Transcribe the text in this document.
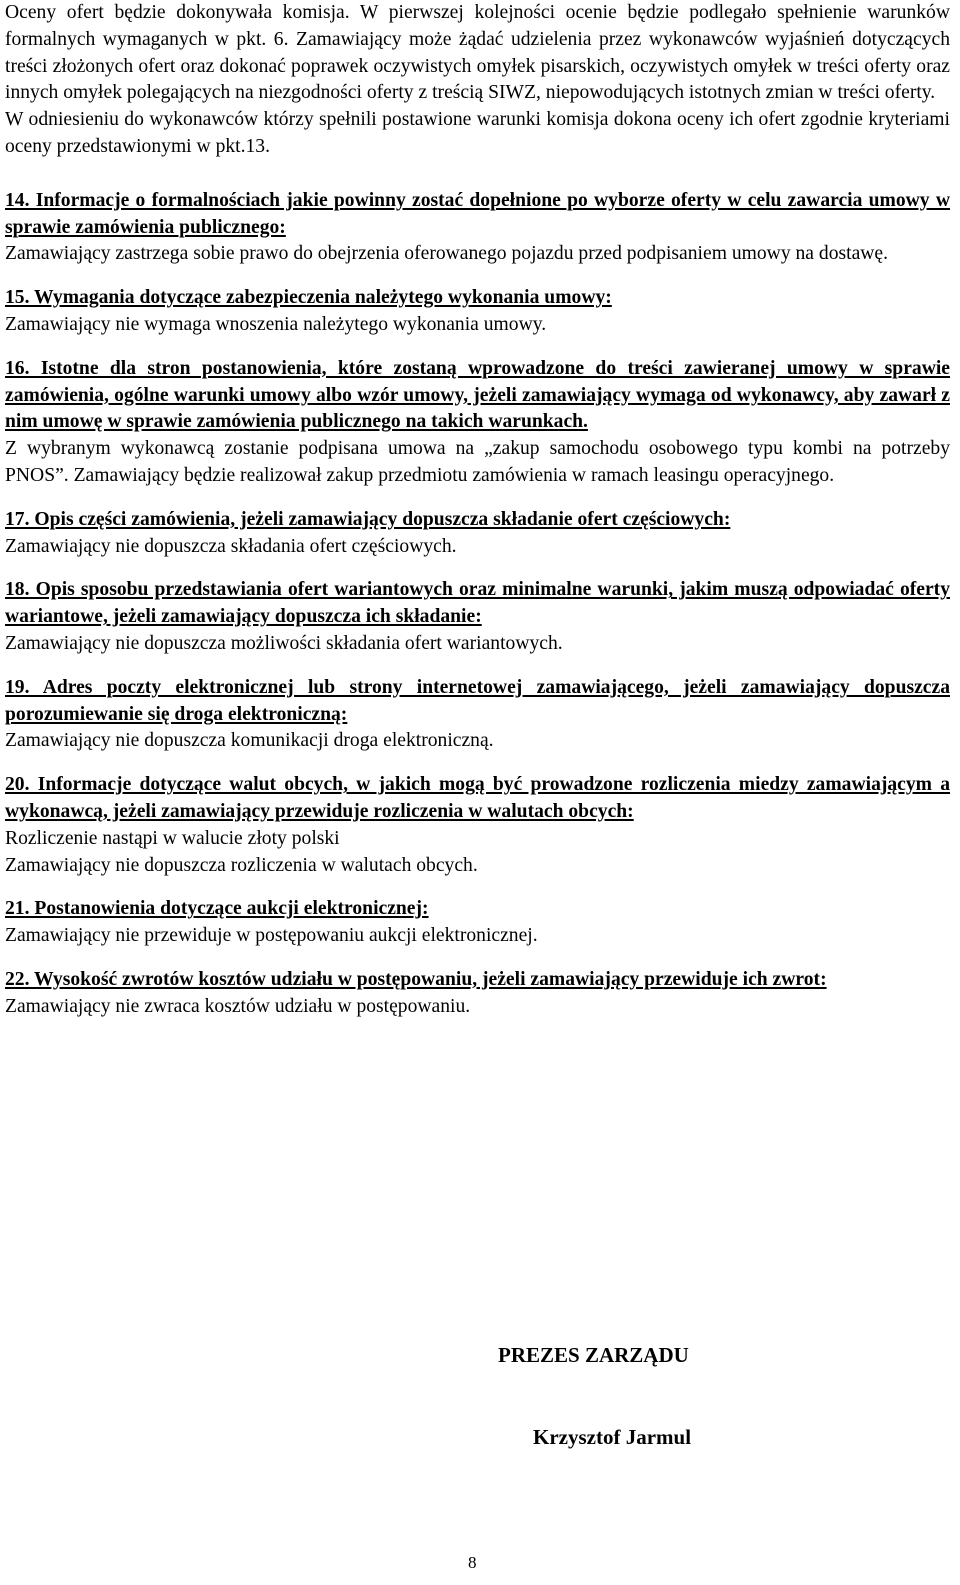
Oceny ofert będzie dokonywała komisja. W pierwszej kolejności ocenie będzie podlegało spełnienie warunków formalnych wymaganych w pkt. 6. Zamawiający może żądać udzielenia przez wykonawców wyjaśnień dotyczących treści złożonych ofert oraz dokonać poprawek oczywistych omyłek pisarskich, oczywistych omyłek w treści oferty oraz innych omyłek polegających na niezgodności oferty z treścią SIWZ, niepowodujących istotnych zmian w treści oferty.

W odniesieniu do wykonawców którzy spełnili postawione warunki komisja dokona oceny ich ofert zgodnie kryteriami oceny przedstawionymi w pkt.13.

14. Informacje o formalnościach jakie powinny zostać dopełnione po wyborze oferty w celu zawarcia umowy w sprawie zamówienia publicznego:

Zamawiający zastrzega sobie prawo do obejrzenia oferowanego pojazdu przed podpisaniem umowy na dostawę.

15. Wymagania dotyczące zabezpieczenia należytego wykonania umowy:

Zamawiający nie wymaga wnoszenia należytego wykonania umowy.

16. Istotne dla stron postanowienia, które zostaną wprowadzone do treści zawieranej umowy w sprawie zamówienia, ogólne warunki umowy albo wzór umowy, jeżeli zamawiający wymaga od wykonawcy, aby zawarł z nim umowę w sprawie zamówienia publicznego na takich warunkach.

Z wybranym wykonawcą zostanie podpisana umowa na „zakup samochodu osobowego typu kombi na potrzeby PNOS”. Zamawiający będzie realizował zakup przedmiotu zamówienia w ramach leasingu operacyjnego.

17. Opis części zamówienia, jeżeli zamawiający dopuszcza składanie ofert częściowych:

Zamawiający nie dopuszcza składania ofert częściowych.

18. Opis sposobu przedstawiania ofert wariantowych oraz minimalne warunki, jakim muszą odpowiadać oferty wariantowe, jeżeli zamawiający dopuszcza ich składanie:

Zamawiający nie dopuszcza możliwości składania ofert wariantowych.

19. Adres poczty elektronicznej lub strony internetowej zamawiającego, jeżeli zamawiający dopuszcza porozumiewanie się droga elektroniczną:

Zamawiający nie dopuszcza komunikacji droga elektroniczną.

20. Informacje dotyczące walut obcych, w jakich mogą być prowadzone rozliczenia miedzy zamawiającym a wykonawcą, jeżeli zamawiający przewiduje rozliczenia w walutach obcych:

Rozliczenie nastąpi w walucie złoty polski

Zamawiający nie dopuszcza rozliczenia w walutach obcych.

21. Postanowienia dotyczące aukcji elektronicznej:

Zamawiający nie przewiduje w postępowaniu aukcji elektronicznej.

22. Wysokość zwrotów kosztów udziału w postępowaniu, jeżeli zamawiający przewiduje ich zwrot:

Zamawiający nie zwraca kosztów udziału w postępowaniu.

PREZES ZARZĄDU
Krzysztof Jarmul
8
